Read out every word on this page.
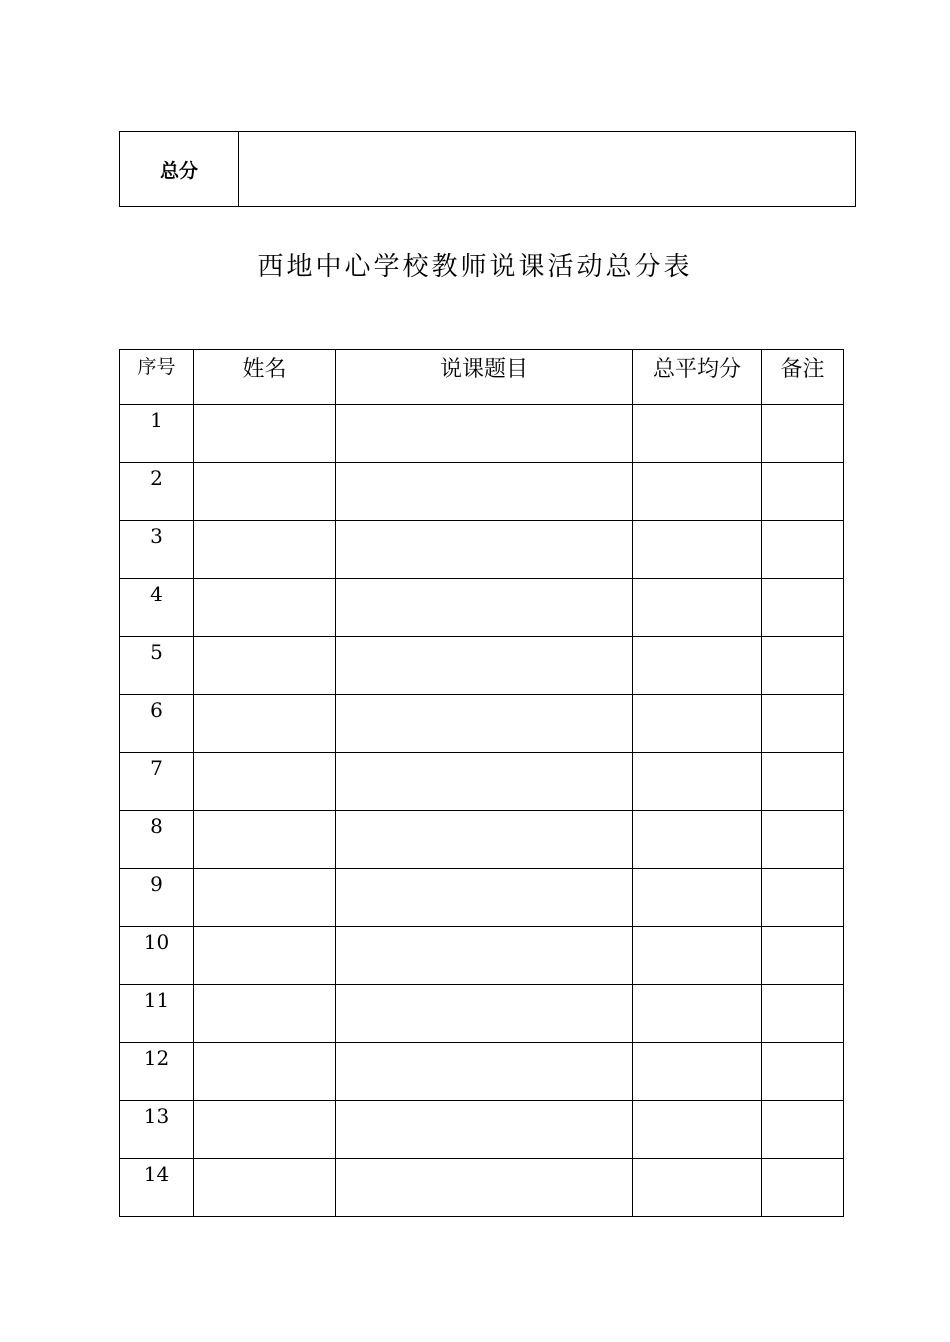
总分
西地中心学校教师说课活动总分表
序号	姓名	说课题目	总平均分	备注
1				
2				
3				
4				
5				
6				
7				
8				
9				
10				
11				
12				
13				
14				
